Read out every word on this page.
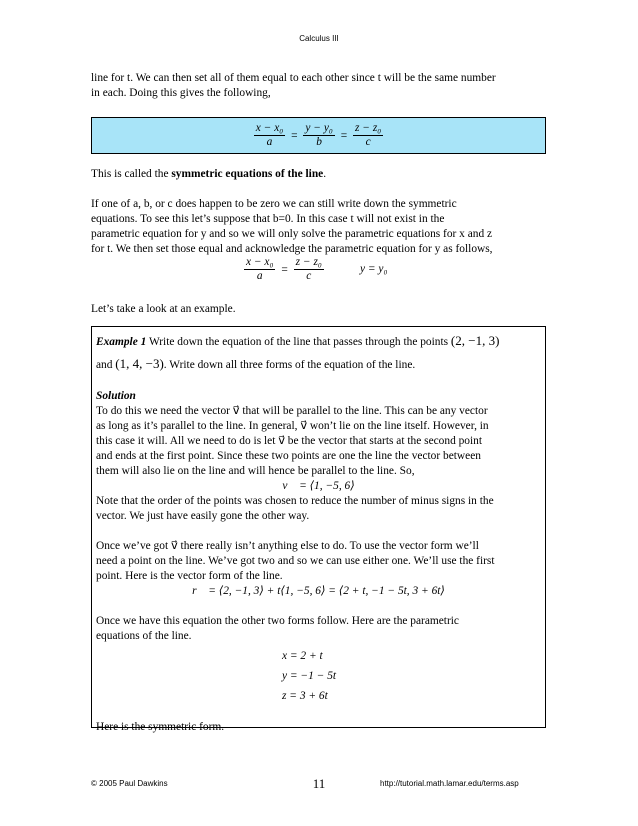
Calculus III
line for t. We can then set all of them equal to each other since t will be the same number
in each. Doing this gives the following,
$\frac{\text{x − x₀}}{a} = \frac{\text{y − y₀}}{b} = \frac{\text{z − z₀}}{c}$
This is called the symmetric equations of the line.
If one of a, b, or c does happen to be zero we can still write down the symmetric
equations. To see this let’s suppose that b=0. In this case t will not exist in the
parametric equation for y and so we will only solve the parametric equations for x and z
for t. We then set those equal and acknowledge the parametric equation for y as follows,
$\frac{\text{x − x₀}}{a} = \frac{\text{z − z₀}}{c}$	y = y₀
Let’s take a look at an example.

Example 1 Write down the equation of the line that passes through the points (2, −1, 3)

and (1, 4, −3). Write down all three forms of the equation of the line.

Solution

To do this we need the vector v⃗ that will be parallel to the line. This can be any vector

as long as it’s parallel to the line. In general, v⃗ won’t lie on the line itself. However, in

this case it will. All we need to do is let v⃗ be the vector that starts at the second point

and ends at the first point. Since these two points are one the line the vector between

them will also lie on the line and will hence be parallel to the line. So,

v⃗ = ⟨1, −5, 6⟩

Note that the order of the points was chosen to reduce the number of minus signs in the

vector. We just have easily gone the other way.

Once we’ve got v⃗ there really isn’t anything else to do. To use the vector form we’ll

need a point on the line. We’ve got two and so we can use either one. We’ll use the first

point. Here is the vector form of the line.

r⃗ = ⟨2, −1, 3⟩ + t⟨1, −5, 6⟩ = ⟨2 + t, −1 − 5t, 3 + 6t⟩

Once we have this equation the other two forms follow. Here are the parametric

equations of the line.

x = 2 + t

y = −1 − 5t

z = 3 + 6t

Here is the symmetric form.

© 2005 Paul Dawkins	11	http://tutorial.math.lamar.edu/terms.asp
